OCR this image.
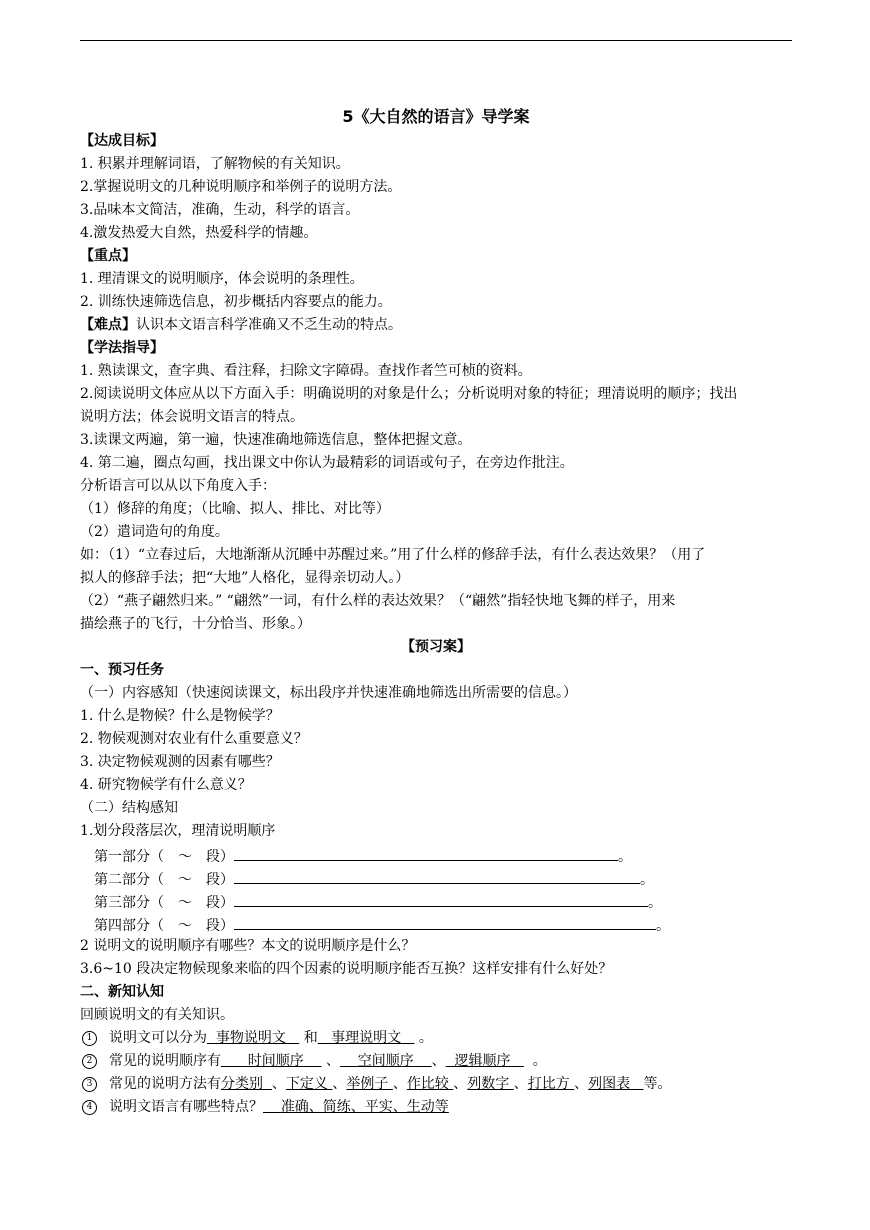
5《大自然的语言》导学案
【达成目标】
1. 积累并理解词语，了解物候的有关知识。
2.掌握说明文的几种说明顺序和举例子的说明方法。
3.品味本文简洁，准确，生动，科学的语言。
4.激发热爱大自然，热爱科学的情趣。
【重点】
1. 理清课文的说明顺序，体会说明的条理性。
2. 训练快速筛选信息，初步概括内容要点的能力。
【难点】认识本文语言科学准确又不乏生动的特点。
【学法指导】
1. 熟读课文，查字典、看注释，扫除文字障碍。查找作者竺可桢的资料。
2.阅读说明文体应从以下方面入手：明确说明的对象是什么；分析说明对象的特征；理清说明的顺序；找出
说明方法；体会说明文语言的特点。
3.读课文两遍，第一遍，快速准确地筛选信息，整体把握文意。
4. 第二遍，圈点勾画，找出课文中你认为最精彩的词语或句子，在旁边作批注。
分析语言可以从以下角度入手：
（1）修辞的角度；（比喻、拟人、排比、对比等）
（2）遣词造句的角度。
如：（1）“立春过后，大地渐渐从沉睡中苏醒过来。”用了什么样的修辞手法，有什么表达效果？（用了
拟人的修辞手法；把“大地”人格化，显得亲切动人。）
（2）“燕子翩然归来。” “翩然”一词，有什么样的表达效果？（“翩然”指轻快地飞舞的样子，用来
描绘燕子的飞行，十分恰当、形象。）
【预习案】
一、预习任务
（一）内容感知（快速阅读课文，标出段序并快速准确地筛选出所需要的信息。）
1. 什么是物候？什么是物候学？
2. 物候观测对农业有什么重要意义？
3. 决定物候观测的因素有哪些？
4. 研究物候学有什么意义？
（二）结构感知
1.划分段落层次，理清说明顺序
第一部分（　～　段）	。
第二部分（　～　段）	。
第三部分（　～　段）	。
第四部分（　～　段）	。
2 说明文的说明顺序有哪些？本文的说明顺序是什么？
3.6~10 段决定物候现象来临的四个因素的说明顺序能否互换？这样安排有什么好处？
二、新知认知
回顾说明文的有关知识。
1 说明文可以分为 事物说明文 和 事理说明文 。
2 常见的说明顺序有 时间顺序 、 空间顺序 、 逻辑顺序 。
3 常见的说明方法有分类别 、下定义 、举例子 、作比较 、列数字 、打比方 、列图表 等。
4 说明文语言有哪些特点？ 准确、简练、平实、生动等
